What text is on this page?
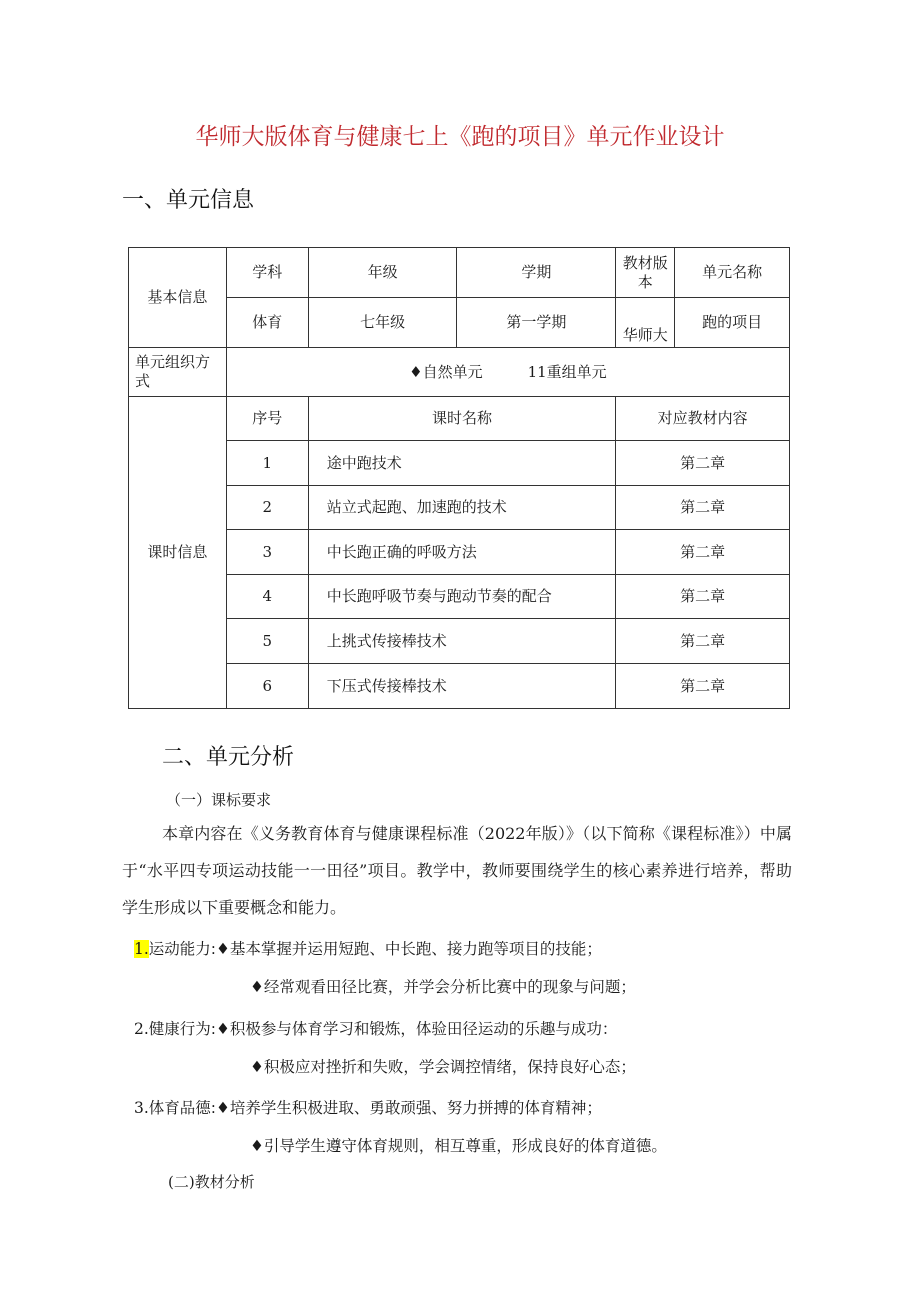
华师大版体育与健康七上《跑的项目》单元作业设计
一、单元信息
基本信息	学科	年级	学期	教材版本	单元名称
	体育	七年级	第一学期	华师大	跑的项目
单元组织方式	♦自然单元　　　11重组单元				
课时信息	序号	课时名称		对应教材内容	
	1	途中跑技术		第二章	
	2	站立式起跑、加速跑的技术		第二章	
	3	中长跑正确的呼吸方法		第二章	
	4	中长跑呼吸节奏与跑动节奏的配合		第二章	
	5	上挑式传接棒技术		第二章	
	6	下压式传接棒技术		第二章	
二、单元分析
（一）课标要求
本章内容在《义务教育体育与健康课程标准（2022年版）》（以下简称《课程标准》）中属于“水平四专项运动技能一一田径”项目。教学中，教师要围绕学生的核心素养进行培养，帮助学生形成以下重要概念和能力。
1.运动能力:♦基本掌握并运用短跑、中长跑、接力跑等项目的技能；
♦经常观看田径比赛，并学会分析比赛中的现象与问题；
2.健康行为:♦积极参与体育学习和锻炼，体验田径运动的乐趣与成功：
♦积极应对挫折和失败，学会调控情绪，保持良好心态；
3.体育品德:♦培养学生积极进取、勇敢顽强、努力拼搏的体育精神；
♦引导学生遵守体育规则，相互尊重，形成良好的体育道德。
(二)教材分析
